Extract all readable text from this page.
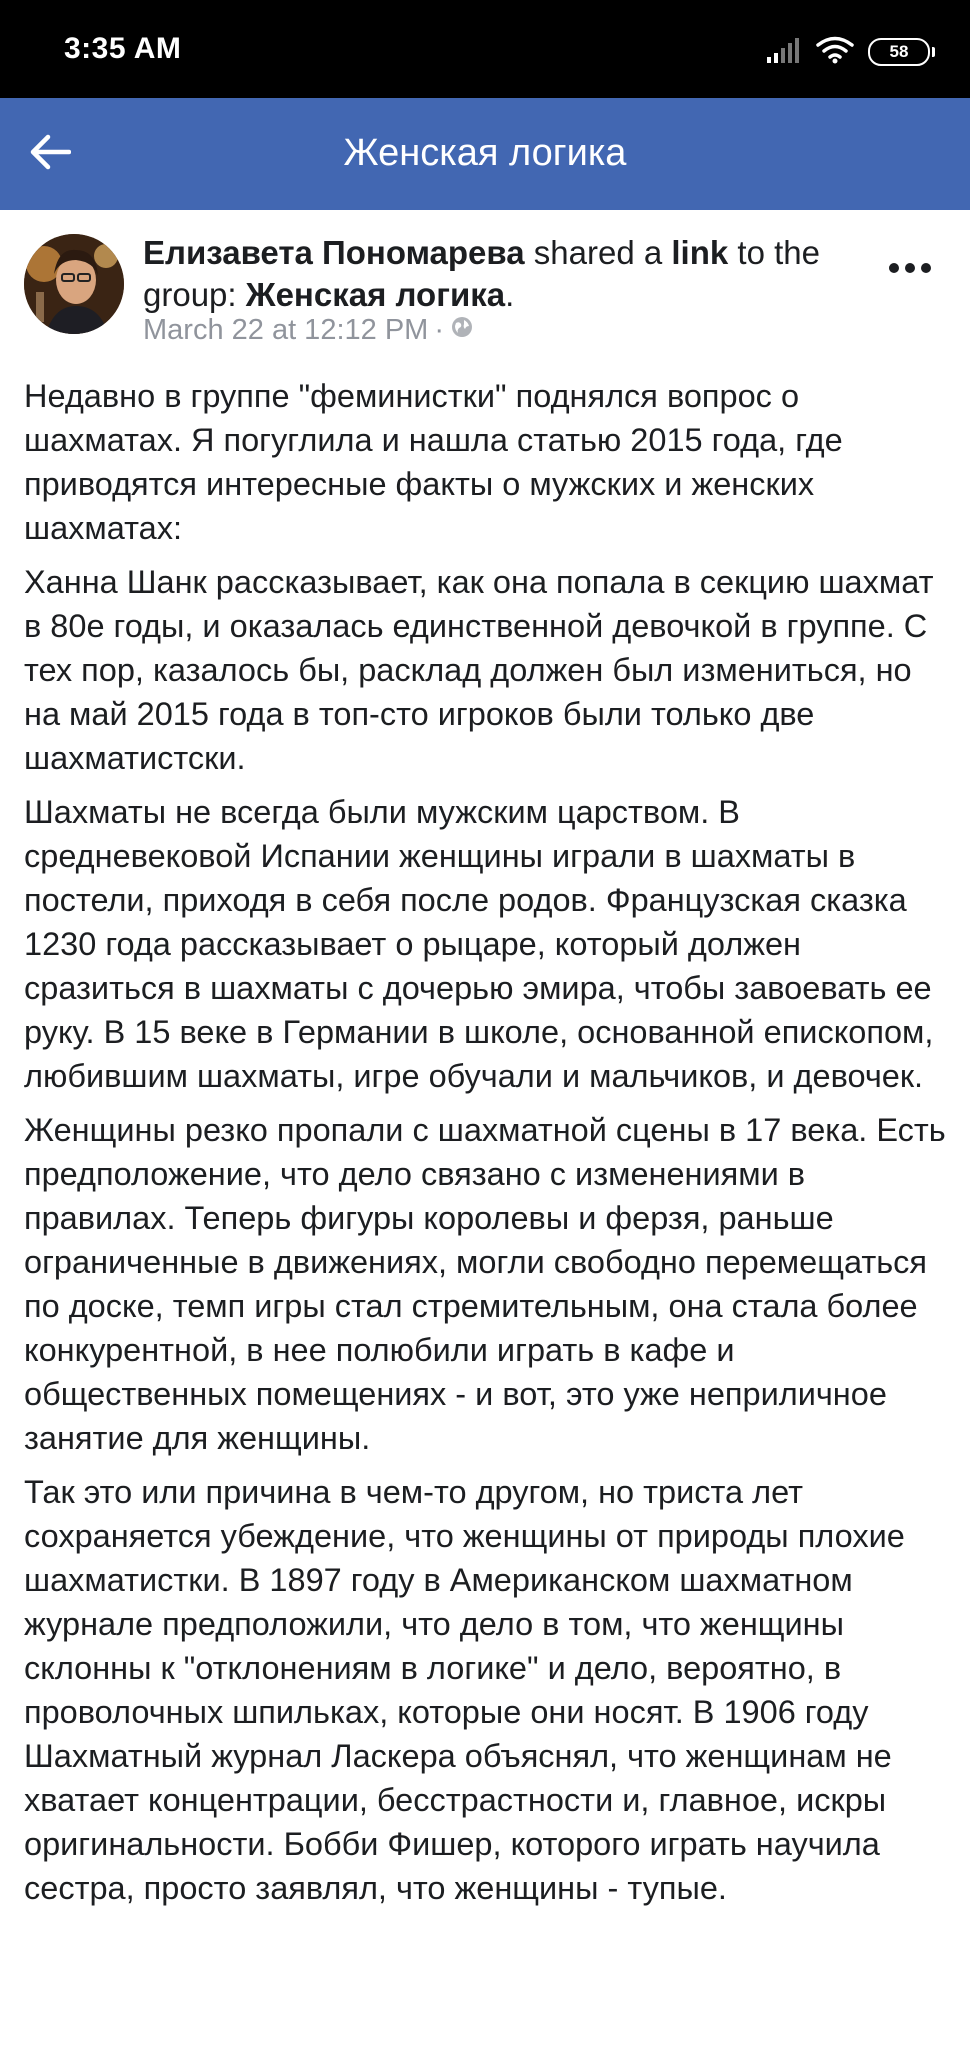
3:35 AM	58
Женская логика
Елизавета Пономарева shared a link to the group: Женская логика.
March 22 at 12:12 PM ·

Недавно в группе "феминистки" поднялся вопрос о шахматах. Я погуглила и нашла статью 2015 года, где приводятся интересные факты о мужских и женских шахматах:

Ханна Шанк рассказывает, как она попала в секцию шахмат в 80е годы, и оказалась единственной девочкой в группе. С тех пор, казалось бы, расклад должен был измениться, но на май 2015 года в топ-сто игроков были только две шахматистски.

Шахматы не всегда были мужским царством. В средневековой Испании женщины играли в шахматы в постели, приходя в себя после родов. Французская сказка 1230 года рассказывает о рыцаре, который должен сразиться в шахматы с дочерью эмира, чтобы завоевать ее руку. В 15 веке в Германии в школе, основанной епископом, любившим шахматы, игре обучали и мальчиков, и девочек.

Женщины резко пропали с шахматной сцены в 17 века. Есть предположение, что дело связано с изменениями в правилах. Теперь фигуры королевы и ферзя, раньше ограниченные в движениях, могли свободно перемещаться по доске, темп игры стал стремительным, она стала более конкурентной, в нее полюбили играть в кафе и общественных помещениях - и вот, это уже неприличное занятие для женщины.

Так это или причина в чем-то другом, но триста лет сохраняется убеждение, что женщины от природы плохие шахматистки. В 1897 году в Американском шахматном журнале предположили, что дело в том, что женщины склонны к "отклонениям в логике" и дело, вероятно, в проволочных шпильках, которые они носят. В 1906 году Шахматный журнал Ласкера объяснял, что женщинам не хватает концентрации, бесстрастности и, главное, искры оригинальности. Бобби Фишер, которого играть научила сестра, просто заявлял, что женщины - тупые.
